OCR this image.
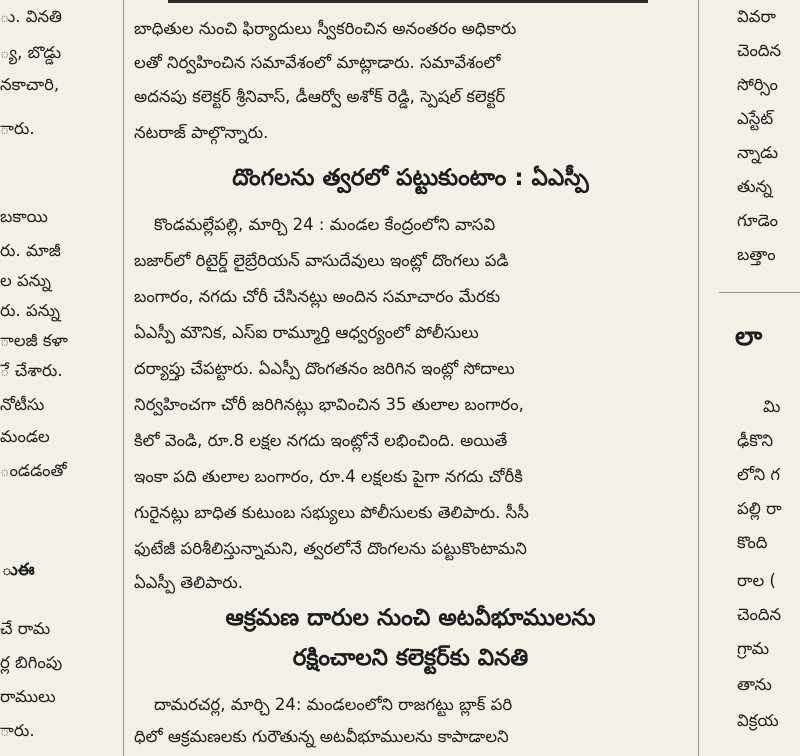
ు. వినతి
్య, బొడ్డు
నకాచారి,
ారు.
బకాయి
రు. మాజీ
ల పన్ను
రు. పన్ను
ాలజీ కళా
ే చేశారు.
నోటీసు
మండల
ండడంతో
ుఈ
చే రామ
ర్ల బిగింపు
రాములు
ారు.
బాధితుల నుంచి ఫిర్యాదులు స్వీకరించిన అనంతరం అధికారు
లతో నిర్వహించిన సమావేశంలో మాట్లాడారు. సమావేశంలో
అదనపు కలెక్టర్ శ్రీనివాస్, డీఆర్వో అశోక్ రెడ్డి, స్పెషల్ కలెక్టర్
నటరాజ్ పాల్గొన్నారు.
దొంగలను త్వరలో పట్టుకుంటాం : ఏఎస్పీ
కొండమల్లేపల్లి, మార్చి 24 : మండల కేంద్రంలోని వాసవి
బజార్‌లో రిటైర్డ్ లైబ్రేరియన్ వాసుదేవులు ఇంట్లో దొంగలు పడి
బంగారం, నగదు చోరీ చేసినట్లు అందిన సమాచారం మేరకు
ఏఎస్పీ మౌనిక, ఎస్ఐ రామ్మూర్తి ఆధ్వర్యంలో పోలీసులు
దర్యాప్తు చేపట్టారు. ఏఎస్పీ దొంగతనం జరిగిన ఇంట్లో సోదాలు
నిర్వహించగా చోరీ జరిగినట్లు భావించిన 35 తులాల బంగారం,
కిలో వెండి, రూ.8 లక్షల నగదు ఇంట్లోనే లభించింది. అయితే
ఇంకా పది తులాల బంగారం, రూ.4 లక్షలకు పైగా నగదు చోరీకి
గురైనట్లు బాధిత కుటుంబ సభ్యులు పోలీసులకు తెలిపారు. సీసీ
ఫుటేజీ పరిశీలిస్తున్నామని, త్వరలోనే దొంగలను పట్టుకొంటామని
ఏఎస్పీ తెలిపారు.
ఆక్రమణ దారుల నుంచి అటవీభూములను
రక్షించాలని కలెక్టర్‌కు వినతి
దామరచర్ల, మార్చి 24: మండలంలోని రాజగట్టు బ్లాక్ పరి
ధిలో ఆక్రమణలకు గురౌతున్న అటవీభూములను కాపాడాలని
వివరా
చెందిన
సోర్సిం
ఎస్టేట్
న్నాడు
తున్న
గూడెం
బత్తాం
లా
మి
ఢీకొని
లోని గ
పల్లి రా
కొంది
రాల (
చెందిన
గ్రామ
తాను
విక్రయ
